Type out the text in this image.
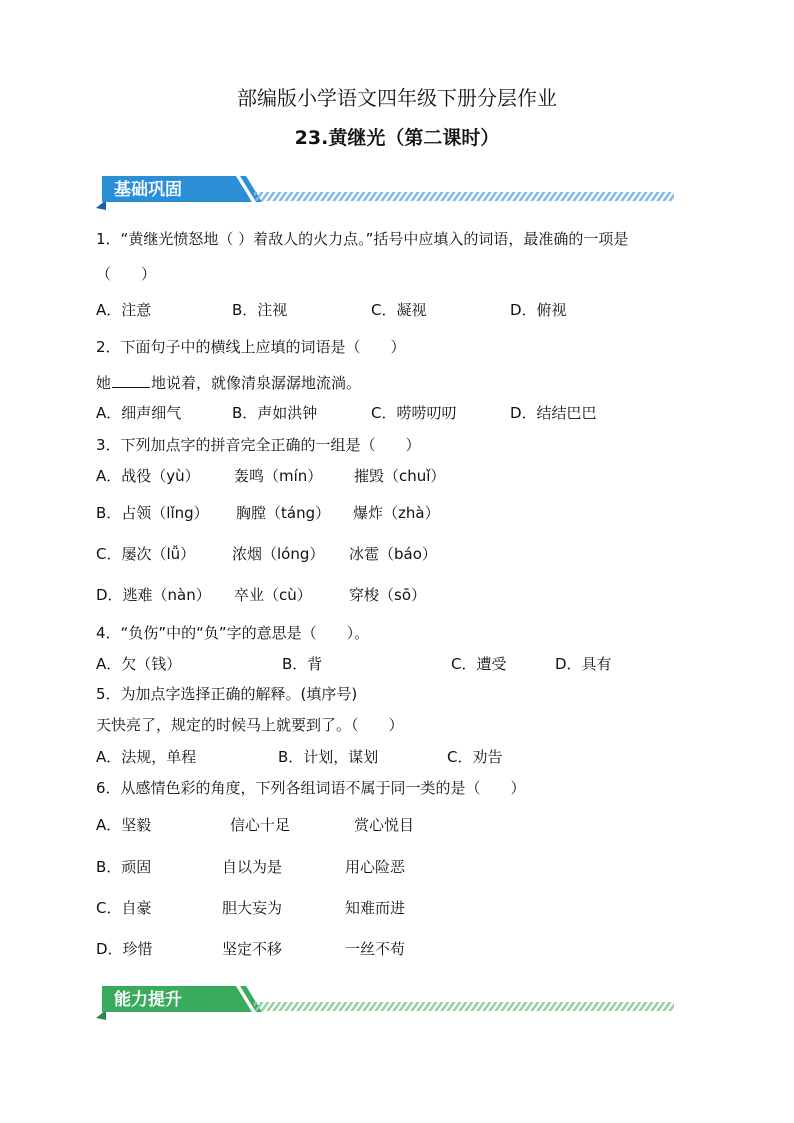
部编版小学语文四年级下册分层作业
23.黄继光（第二课时）
基础巩固
1．“黄继光愤怒地（ ）着敌人的火力点。”括号中应填入的词语，最准确的一项是
（　　）
A．注意	B．注视	C．凝视	D．俯视
2．下面句子中的横线上应填的词语是（　　）
她	地说着，就像清泉潺潺地流淌。
A．细声细气	B．声如洪钟	C．唠唠叨叨	D．结结巴巴
3．下列加点字的拼音完全正确的一组是（　　）
A．战役（yù） 轰鸣（mín） 摧毁（chuǐ）
B．占领（lǐng） 胸膛（táng） 爆炸（zhà）
C．屡次（lǚ） 浓烟（lóng） 冰雹（báo）
D．逃难（nàn） 卒业（cù） 穿梭（sō）
4．“负伤”中的“负”字的意思是（　　）。
A．欠（钱）	B．背	C．遭受	D．具有
5．为加点字选择正确的解释。(填序号)
天快亮了，规定的时候马上就要到了。（　　）
A．法规，单程	B．计划，谋划	C．劝告
6．从感情色彩的角度，下列各组词语不属于同一类的是（　　）
A．坚毅	信心十足	赏心悦目
B．顽固	自以为是	用心险恶
C．自豪	胆大妄为	知难而进
D．珍惜	坚定不移	一丝不苟
能力提升
